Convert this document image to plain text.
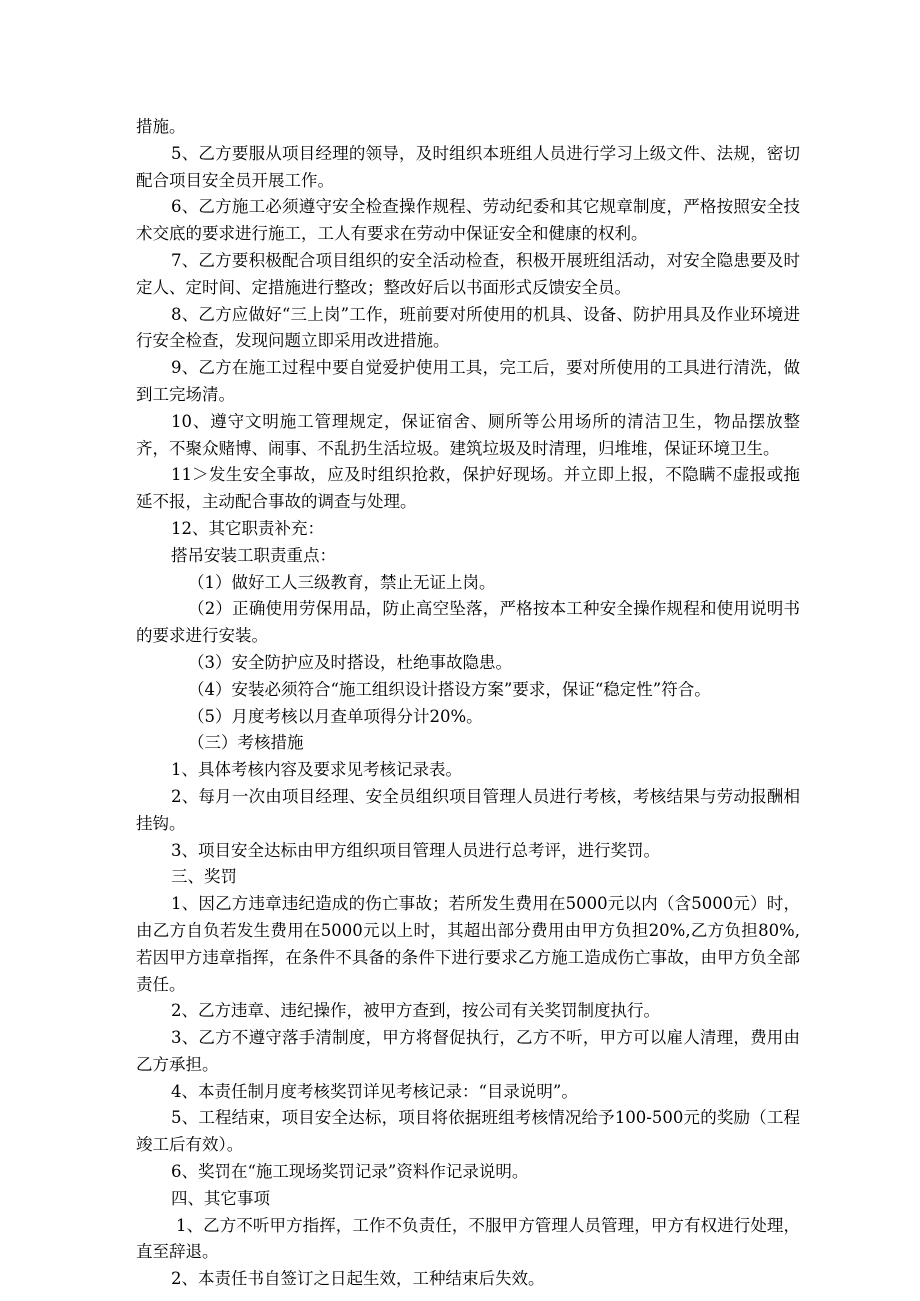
措施。

5、乙方要服从项目经理的领导，及时组织本班组人员进行学习上级文件、法规，密切配合项目安全员开展工作。

6、乙方施工必须遵守安全检查操作规程、劳动纪委和其它规章制度，严格按照安全技术交底的要求进行施工，工人有要求在劳动中保证安全和健康的权利。

7、乙方要积极配合项目组织的安全活动检查，积极开展班组活动，对安全隐患要及时定人、定时间、定措施进行整改；整改好后以书面形式反馈安全员。

8、乙方应做好“三上岗”工作，班前要对所使用的机具、设备、防护用具及作业环境进行安全检查，发现问题立即采用改进措施。

9、乙方在施工过程中要自觉爱护使用工具，完工后，要对所使用的工具进行清洗，做到工完场清。

10、遵守文明施工管理规定，保证宿舍、厕所等公用场所的清洁卫生，物品摆放整齐，不聚众赌博、闹事、不乱扔生活垃圾。建筑垃圾及时清理，归堆堆，保证环境卫生。

11＞发生安全事故，应及时组织抢救，保护好现场。并立即上报，不隐瞒不虚报或拖延不报，主动配合事故的调查与处理。

12、其它职责补充：

搭吊安装工职责重点：

（1）做好工人三级教育，禁止无证上岗。

（2）正确使用劳保用品，防止高空坠落，严格按本工种安全操作规程和使用说明书的要求进行安装。

（3）安全防护应及时搭设，杜绝事故隐患。

（4）安装必须符合“施工组织设计搭设方案”要求，保证“稳定性”符合。

（5）月度考核以月查单项得分计20%。

（三）考核措施

1、具体考核内容及要求见考核记录表。

2、每月一次由项目经理、安全员组织项目管理人员进行考核，考核结果与劳动报酬相挂钩。

3、项目安全达标由甲方组织项目管理人员进行总考评，进行奖罚。

三、奖罚

1、因乙方违章违纪造成的伤亡事故；若所发生费用在5000元以内（含5000元）时，由乙方自负若发生费用在5000元以上时，其超出部分费用由甲方负担20%,乙方负担80%,若因甲方违章指挥，在条件不具备的条件下进行要求乙方施工造成伤亡事故，由甲方负全部责任。

2、乙方违章、违纪操作，被甲方查到，按公司有关奖罚制度执行。

3、乙方不遵守落手清制度，甲方将督促执行，乙方不听，甲方可以雇人清理，费用由乙方承担。

4、本责任制月度考核奖罚详见考核记录：“目录说明”。

5、工程结束，项目安全达标，项目将依据班组考核情况给予100-500元的奖励（工程竣工后有效）。

6、奖罚在“施工现场奖罚记录”资料作记录说明。

四、其它事项

1、乙方不听甲方指挥，工作不负责任，不服甲方管理人员管理，甲方有权进行处理，直至辞退。

2、本责任书自签订之日起生效，工种结束后失效。
